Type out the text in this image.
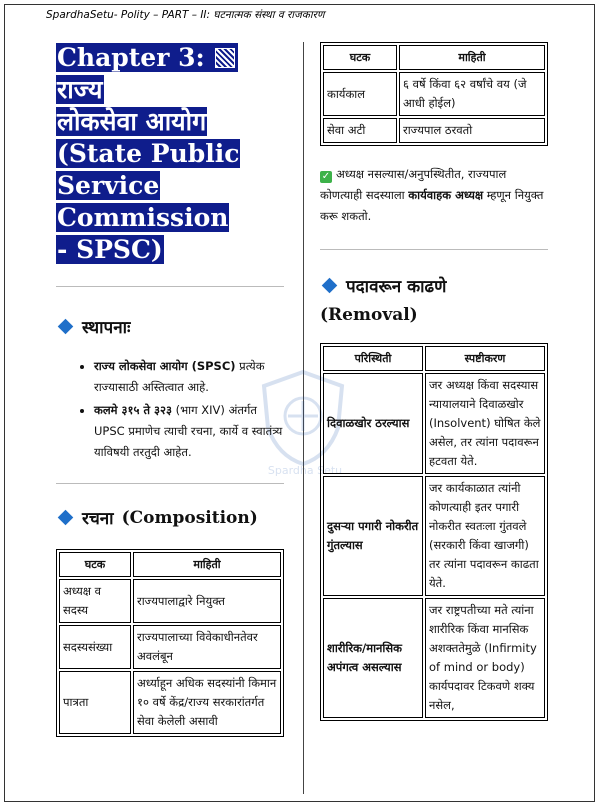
SpardhaSetu- Polity – PART – II: घटनात्मक संस्था व राजकारण
Spardha Setu
Chapter 3:  राज्य
लोकसेवा आयोग
(State Public
Service Commission
- SPSC)
स्थापनाः
• राज्य लोकसेवा आयोग (SPSC) प्रत्येक राज्यासाठी अस्तित्वात आहे.
• कलमे ३१५ ते ३२३ (भाग XIV) अंतर्गत UPSC प्रमाणेच त्याची रचना, कार्ये व स्वातंत्र्य याविषयी तरतुदी आहेत.
रचना (Composition)
घटक	माहिती
अध्यक्ष व सदस्य	राज्यपालाद्वारे नियुक्त
सदस्यसंख्या	राज्यपालाच्या विवेकाधीनतेवर अवलंबून
पात्रता	अर्ध्याहून अधिक सदस्यांनी किमान १० वर्षे केंद्र/राज्य सरकारांतर्गत सेवा केलेली असावी
घटक	माहिती
कार्यकाल	६ वर्षे किंवा ६२ वर्षांचे वय (जे आधी होईल)
सेवा अटी	राज्यपाल ठरवतो

✓ अध्यक्ष नसल्यास/अनुपस्थितीत, राज्यपाल कोणत्याही सदस्याला कार्यवाहक अध्यक्ष म्हणून नियुक्त करू शकतो.

पदावरून काढणे
(Removal)
परिस्थिती	स्पष्टीकरण
दिवाळखोर ठरल्यास	जर अध्यक्ष किंवा सदस्यास न्यायालयाने दिवाळखोर (Insolvent) घोषित केले असेल, तर त्यांना पदावरून हटवता येते.
दुसऱ्या पगारी नोकरीत गुंतल्यास	जर कार्यकाळात त्यांनी कोणत्याही इतर पगारी नोकरीत स्वतःला गुंतवले (सरकारी किंवा खाजगी) तर त्यांना पदावरून काढता येते.
शारीरिक/मानसिक अपंगत्व असल्यास	जर राष्ट्रपतीच्या मते त्यांना शारीरिक किंवा मानसिक अशक्ततेमुळे (Infirmity of mind or body) कार्यपदावर टिकवणे शक्य नसेल,
